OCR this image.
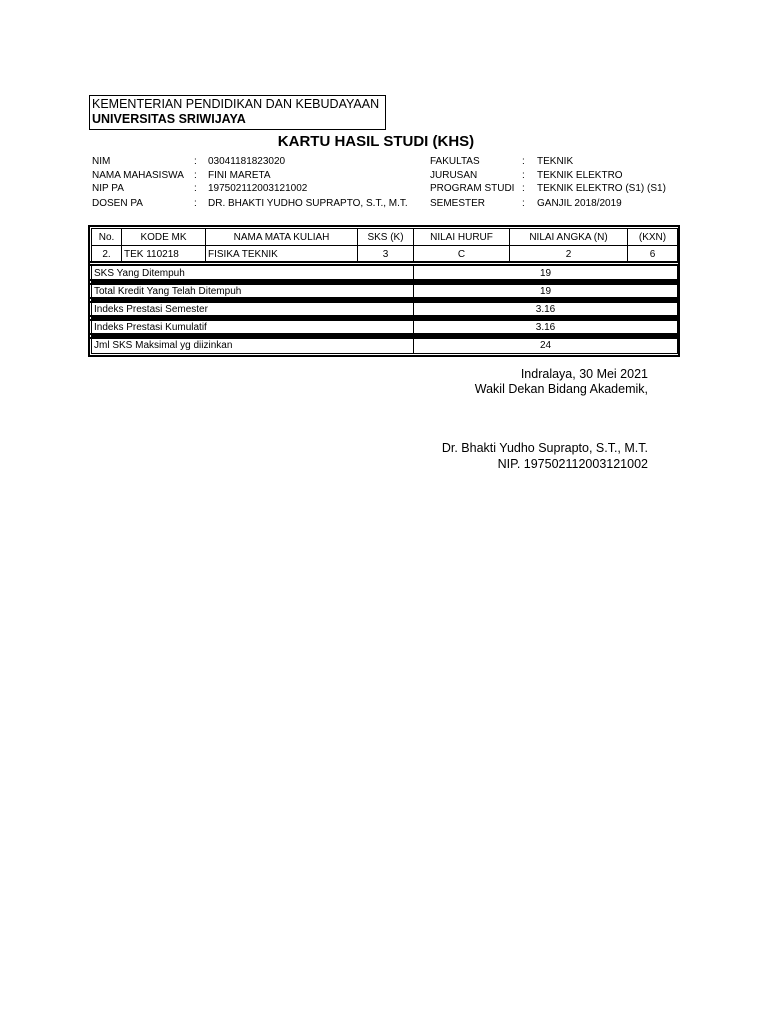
KEMENTERIAN PENDIDIKAN DAN KEBUDAYAAN
UNIVERSITAS SRIWIJAYA
KARTU HASIL STUDI (KHS)
NIM	: 03041181823020
NAMA MAHASISWA : FINI MARETA
NIP PA	: 197502112003121002
DOSEN PA	: DR. BHAKTI YUDHO SUPRAPTO, S.T., M.T.
FAKULTAS	: TEKNIK
JURUSAN	: TEKNIK ELEKTRO
PROGRAM STUDI : TEKNIK ELEKTRO (S1) (S1)
SEMESTER	: GANJIL 2018/2019
No.	KODE MK	NAMA MATA KULIAH	SKS (K)	NILAI HURUF	NILAI ANGKA (N)	(KXN)
2.	TEK 110218	FISIKA TEKNIK	3	C	2	6
SKS Yang Ditempuh	19
Total Kredit Yang Telah Ditempuh	19
Indeks Prestasi Semester	3.16
Indeks Prestasi Kumulatif	3.16
Jml SKS Maksimal yg diizinkan	24
Indralaya, 30 Mei 2021
Wakil Dekan Bidang Akademik,
Dr. Bhakti Yudho Suprapto, S.T., M.T.
NIP. 197502112003121002
